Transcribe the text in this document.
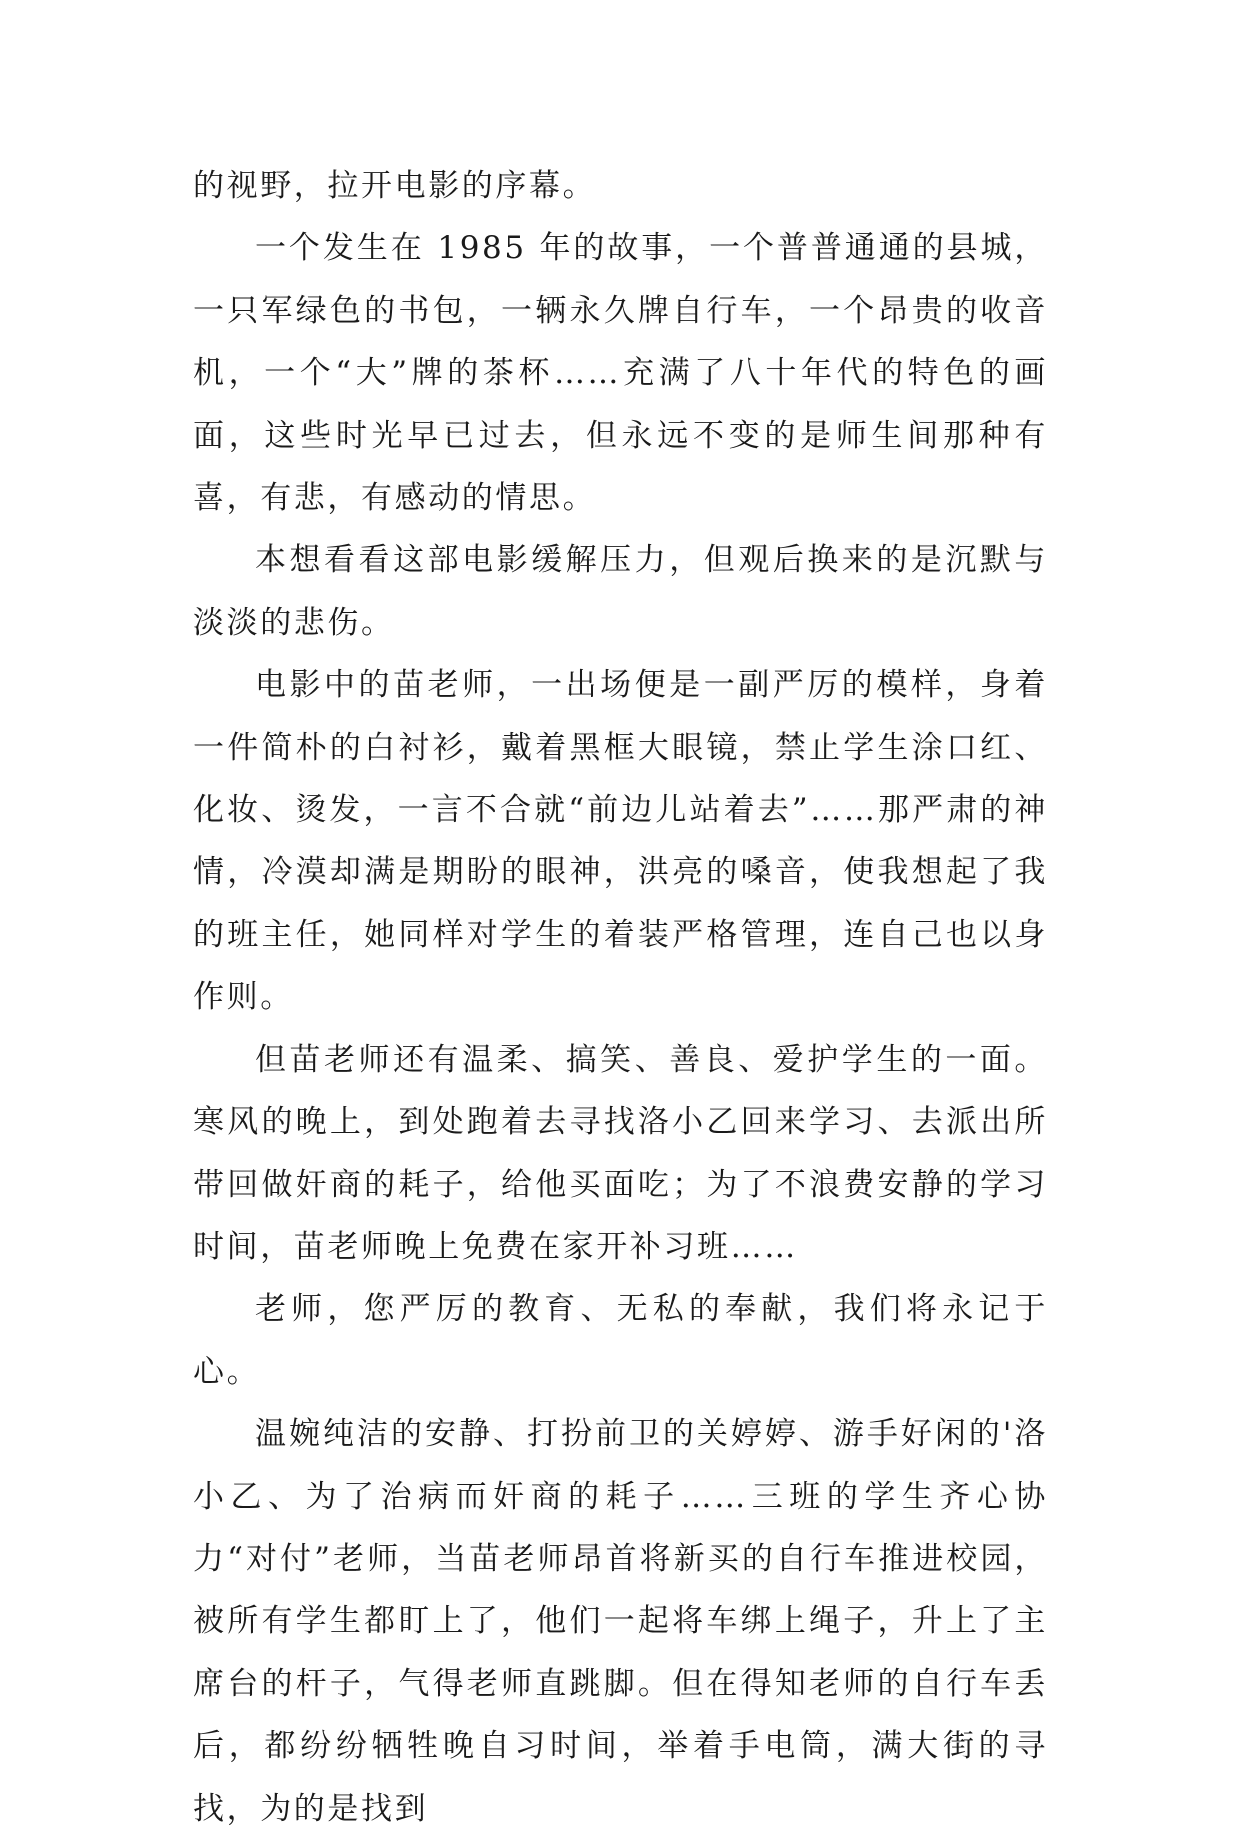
的视野，拉开电影的序幕。

一个发生在 1985 年的故事，一个普普通通的县城，一只军绿色的书包，一辆永久牌自行车，一个昂贵的收音机，一个“大”牌的茶杯……充满了八十年代的特色的画面，这些时光早已过去，但永远不变的是师生间那种有喜，有悲，有感动的情思。

本想看看这部电影缓解压力，但观后换来的是沉默与淡淡的悲伤。

电影中的苗老师，一出场便是一副严厉的模样，身着一件简朴的白衬衫，戴着黑框大眼镜，禁止学生涂口红、化妆、烫发，一言不合就“前边儿站着去”……那严肃的神情，冷漠却满是期盼的眼神，洪亮的嗓音，使我想起了我的班主任，她同样对学生的着装严格管理，连自己也以身作则。

但苗老师还有温柔、搞笑、善良、爱护学生的一面。寒风的晚上，到处跑着去寻找洛小乙回来学习、去派出所带回做奸商的耗子，给他买面吃；为了不浪费安静的学习时间，苗老师晚上免费在家开补习班……

老师，您严厉的教育、无私的奉献，我们将永记于心。

温婉纯洁的安静、打扮前卫的关婷婷、游手好闲的'洛小乙、为了治病而奸商的耗子……三班的学生齐心协力“对付”老师，当苗老师昂首将新买的自行车推进校园，被所有学生都盯上了，他们一起将车绑上绳子，升上了主席台的杆子，气得老师直跳脚。但在得知老师的自行车丢后，都纷纷牺牲晚自习时间，举着手电筒，满大街的寻找，为的是找到
